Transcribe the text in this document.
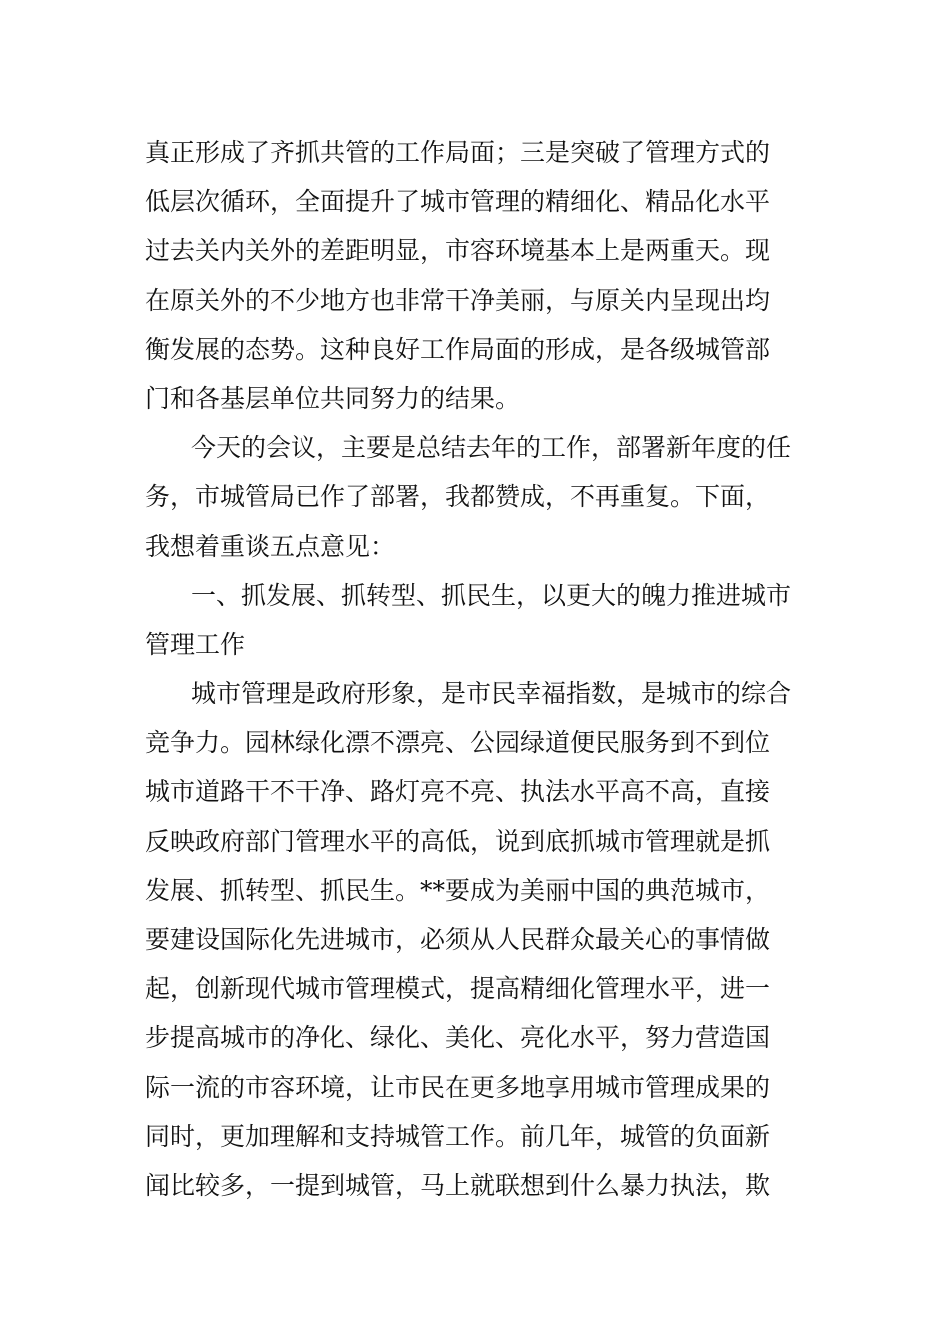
真正形成了齐抓共管的工作局面；三是突破了管理方式的
低层次循环，全面提升了城市管理的精细化、精品化水平
过去关内关外的差距明显，市容环境基本上是两重天。现
在原关外的不少地方也非常干净美丽，与原关内呈现出均
衡发展的态势。这种良好工作局面的形成，是各级城管部
门和各基层单位共同努力的结果。
今天的会议，主要是总结去年的工作，部署新年度的任
务，市城管局已作了部署，我都赞成，不再重复。下面，
我想着重谈五点意见：
一、抓发展、抓转型、抓民生，以更大的魄力推进城市
管理工作
城市管理是政府形象，是市民幸福指数，是城市的综合
竞争力。园林绿化漂不漂亮、公园绿道便民服务到不到位
城市道路干不干净、路灯亮不亮、执法水平高不高，直接
反映政府部门管理水平的高低，说到底抓城市管理就是抓
发展、抓转型、抓民生。**要成为美丽中国的典范城市，
要建设国际化先进城市，必须从人民群众最关心的事情做
起，创新现代城市管理模式，提高精细化管理水平，进一
步提高城市的净化、绿化、美化、亮化水平，努力营造国
际一流的市容环境，让市民在更多地享用城市管理成果的
同时，更加理解和支持城管工作。前几年，城管的负面新
闻比较多，一提到城管，马上就联想到什么暴力执法，欺
